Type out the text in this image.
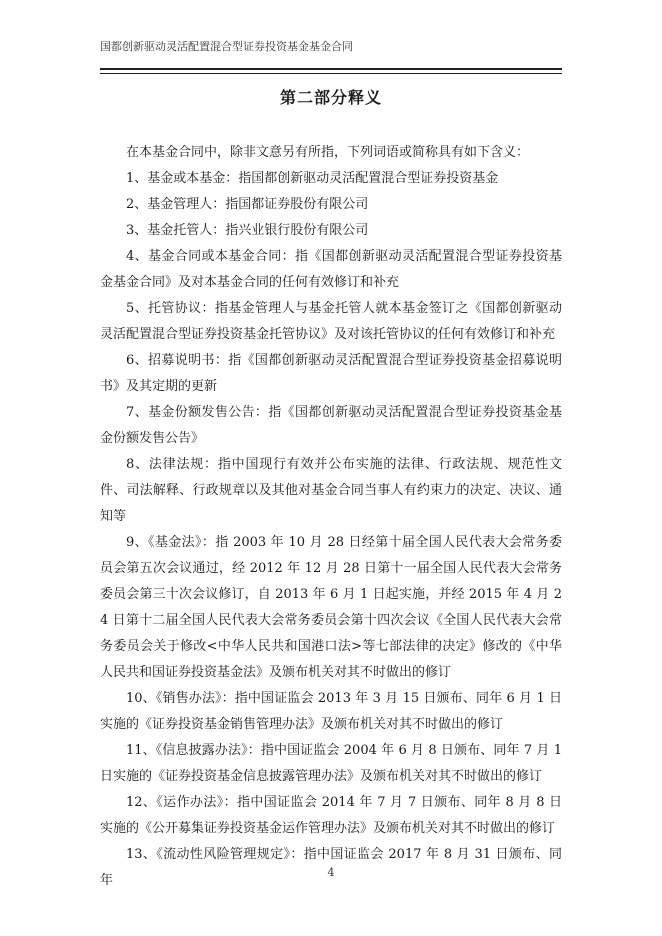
国都创新驱动灵活配置混合型证券投资基金基金合同
第二部分释义

在本基金合同中，除非文意另有所指，下列词语或简称具有如下含义：

1、基金或本基金：指国都创新驱动灵活配置混合型证券投资基金

2、基金管理人：指国都证券股份有限公司

3、基金托管人：指兴业银行股份有限公司

4、基金合同或本基金合同：指《国都创新驱动灵活配置混合型证券投资基金基金合同》及对本基金合同的任何有效修订和补充

5、托管协议：指基金管理人与基金托管人就本基金签订之《国都创新驱动灵活配置混合型证券投资基金托管协议》及对该托管协议的任何有效修订和补充

6、招募说明书：指《国都创新驱动灵活配置混合型证券投资基金招募说明书》及其定期的更新

7、基金份额发售公告：指《国都创新驱动灵活配置混合型证券投资基金基金份额发售公告》

8、法律法规：指中国现行有效并公布实施的法律、行政法规、规范性文件、司法解释、行政规章以及其他对基金合同当事人有约束力的决定、决议、通知等

9、《基金法》：指 2003 年 10 月 28 日经第十届全国人民代表大会常务委员会第五次会议通过，经 2012 年 12 月 28 日第十一届全国人民代表大会常务委员会第三十次会议修订，自 2013 年 6 月 1 日起实施，并经 2015 年 4 月 24 日第十二届全国人民代表大会常务委员会第十四次会议《全国人民代表大会常务委员会关于修改<中华人民共和国港口法>等七部法律的决定》修改的《中华人民共和国证券投资基金法》及颁布机关对其不时做出的修订

10、《销售办法》：指中国证监会 2013 年 3 月 15 日颁布、同年 6 月 1 日实施的《证券投资基金销售管理办法》及颁布机关对其不时做出的修订

11、《信息披露办法》：指中国证监会 2004 年 6 月 8 日颁布、同年 7 月 1 日实施的《证券投资基金信息披露管理办法》及颁布机关对其不时做出的修订

12、《运作办法》：指中国证监会 2014 年 7 月 7 日颁布、同年 8 月 8 日实施的《公开募集证券投资基金运作管理办法》及颁布机关对其不时做出的修订

13、《流动性风险管理规定》：指中国证监会 2017 年 8 月 31 日颁布、同年

4
